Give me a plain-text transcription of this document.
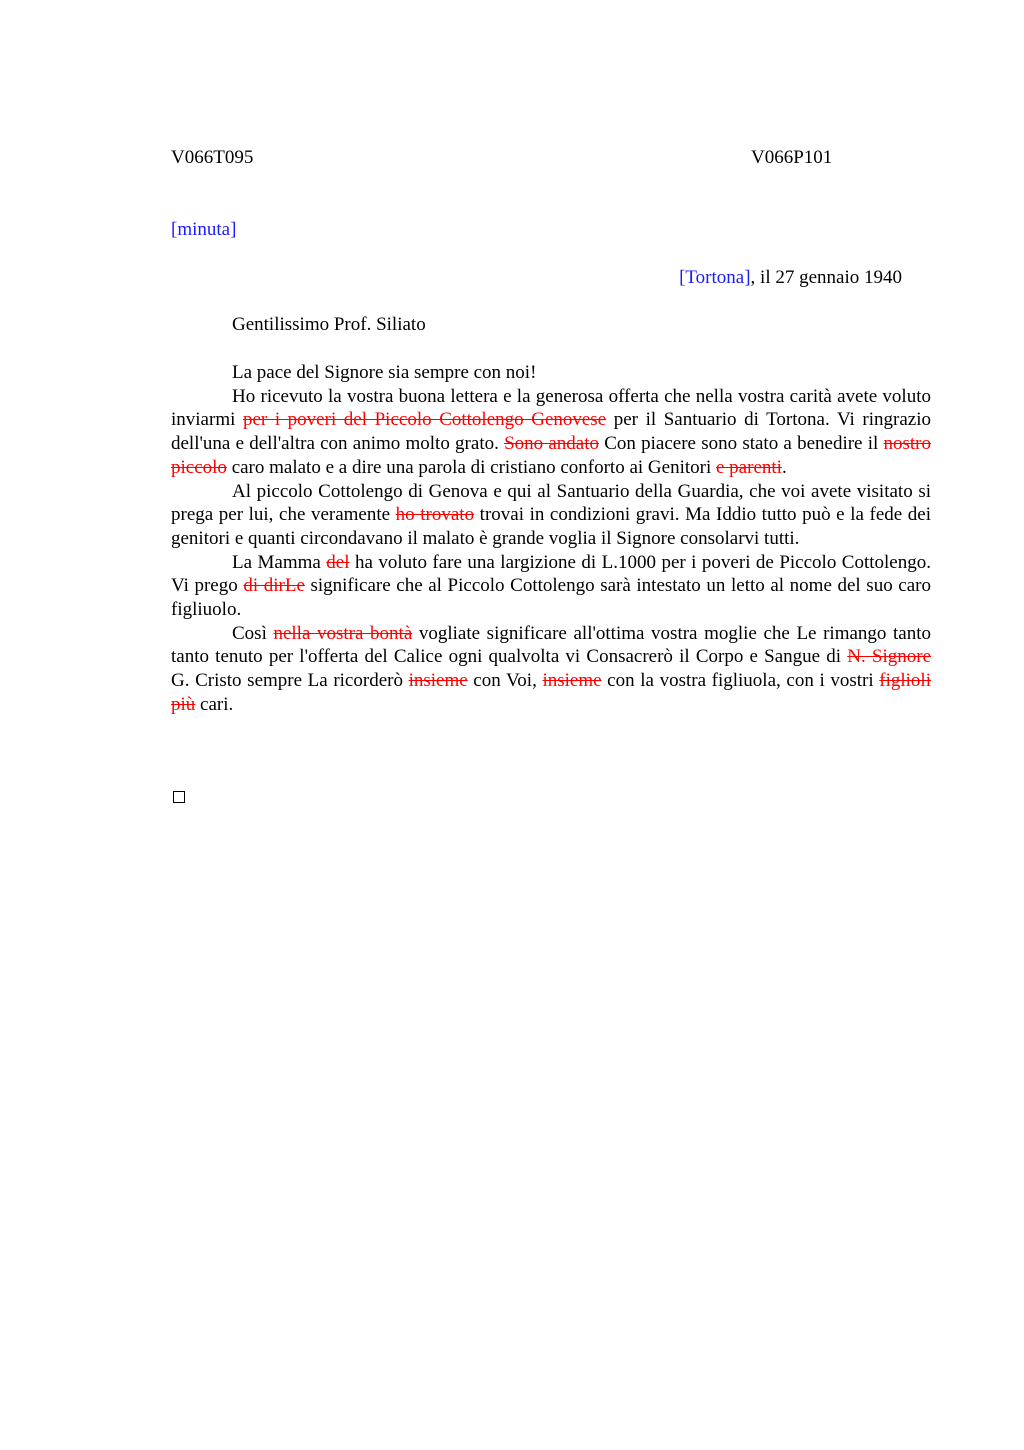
V066T095	V066P101
[minuta]
[Tortona], il 27 gennaio 1940
Gentilissimo Prof. Siliato

La pace del Signore sia sempre con noi!

Ho ricevuto la vostra buona lettera e la generosa offerta che nella vostra carità avete voluto inviarmi per i poveri del Piccolo Cottolengo Genovese per il Santuario di Tortona. Vi ringrazio dell'una e dell'altra con animo molto grato. Sono andato Con piacere sono stato a benedire il nostro piccolo caro malato e a dire una parola di cristiano conforto ai Genitori e parenti.

Al piccolo Cottolengo di Genova e qui al Santuario della Guardia, che voi avete visitato si prega per lui, che veramente ho trovato trovai in condizioni gravi. Ma Iddio tutto può e la fede dei genitori e quanti circondavano il malato è grande voglia il Signore consolarvi tutti.

La Mamma del ha voluto fare una largizione di L.1000 per i poveri de Piccolo Cottolengo. Vi prego di dirLe significare che al Piccolo Cottolengo sarà intestato un letto al nome del suo caro figliuolo.

Così nella vostra bontà vogliate significare all'ottima vostra moglie che Le rimango tanto tanto tenuto per l'offerta del Calice ogni qualvolta vi Consacrerò il Corpo e Sangue di N. Signore G. Cristo sempre La ricorderò insieme con Voi, insieme con la vostra figliuola, con i vostri figlioli più cari.
